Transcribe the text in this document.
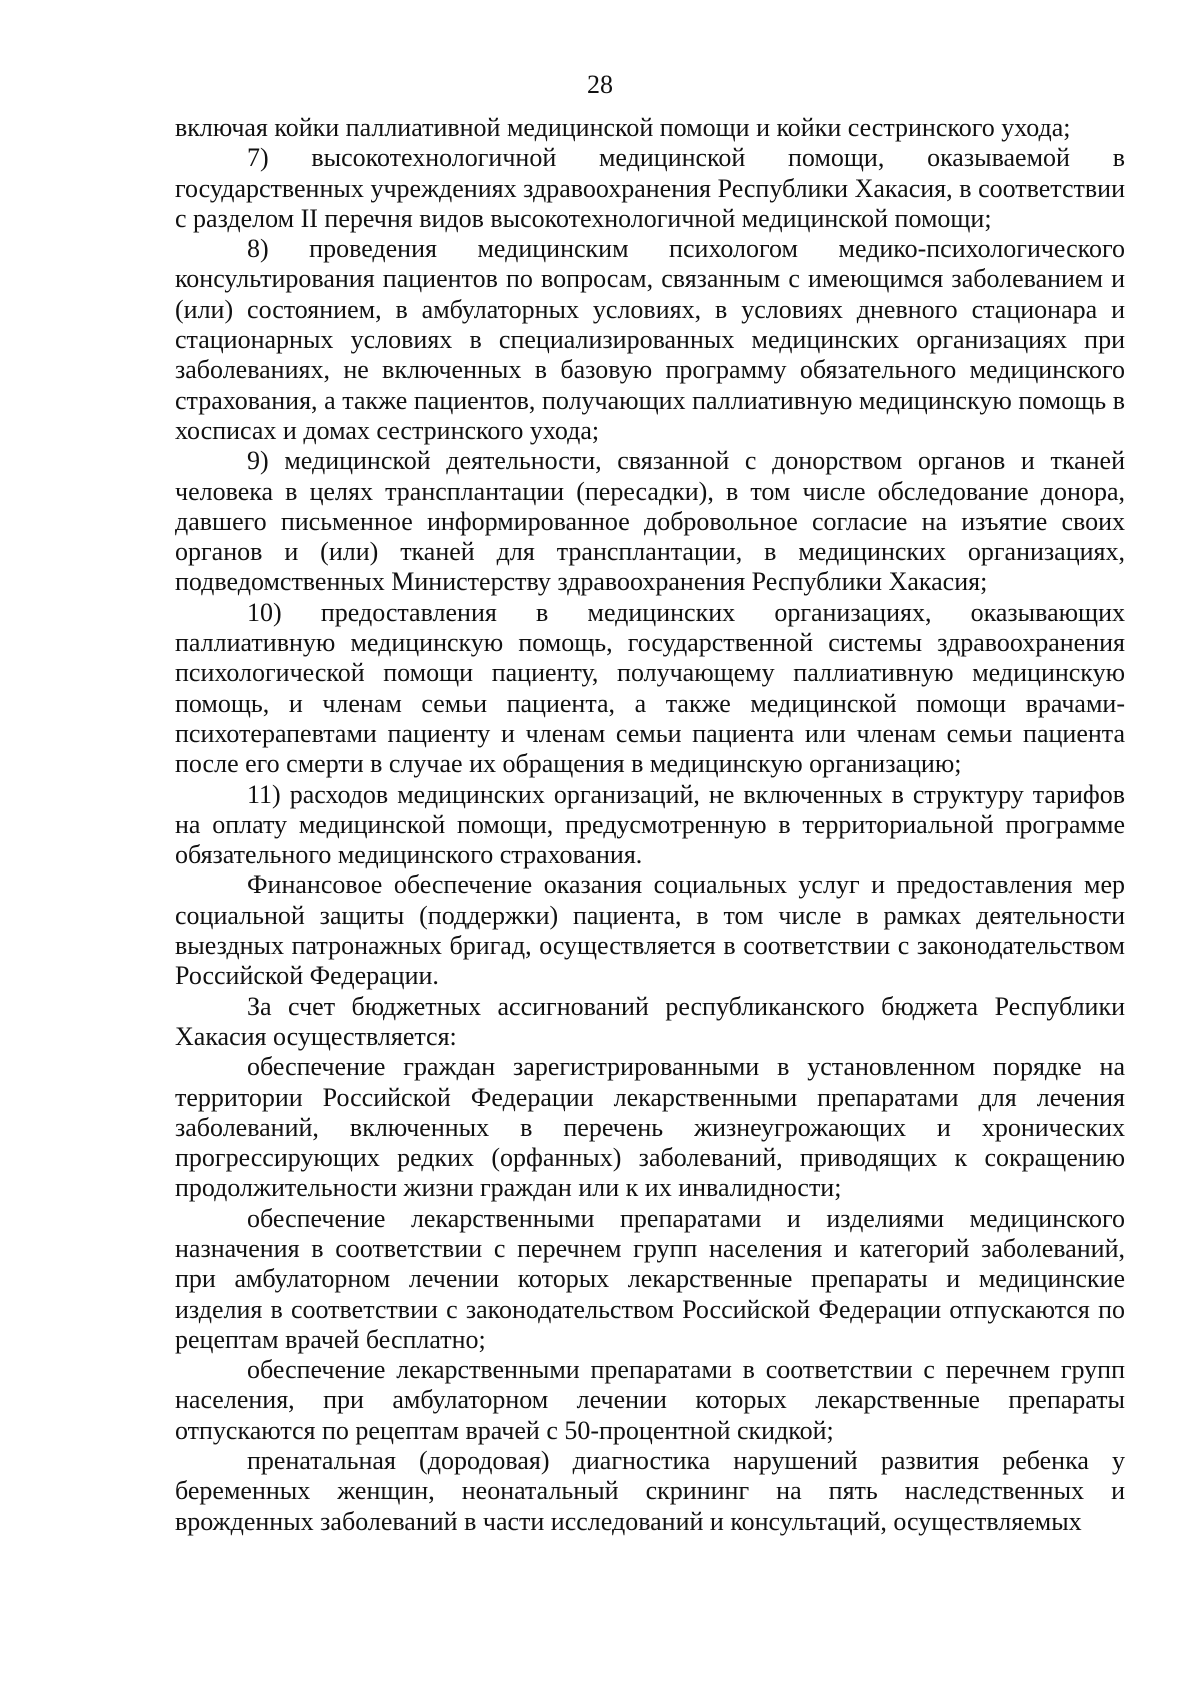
28

включая койки паллиативной медицинской помощи и койки сестринского ухода;

7) высокотехнологичной медицинской помощи, оказываемой в государственных учреждениях здравоохранения Республики Хакасия, в соответствии с разделом II перечня видов высокотехнологичной медицинской помощи;

8) проведения медицинским психологом медико-психологического консультирования пациентов по вопросам, связанным с имеющимся заболеванием и (или) состоянием, в амбулаторных условиях, в условиях дневного стационара и стационарных условиях в специализированных медицинских организациях при заболеваниях, не включенных в базовую программу обязательного медицинского страхования, а также пациентов, получающих паллиативную медицинскую помощь в хосписах и домах сестринского ухода;

9) медицинской деятельности, связанной с донорством органов и тканей человека в целях трансплантации (пересадки), в том числе обследование донора, давшего письменное информированное добровольное согласие на изъятие своих органов и (или) тканей для трансплантации, в медицинских организациях, подведомственных Министерству здравоохранения Республики Хакасия;

10) предоставления в медицинских организациях, оказывающих паллиативную медицинскую помощь, государственной системы здравоохранения психологической помощи пациенту, получающему паллиативную медицинскую помощь, и членам семьи пациента, а также медицинской помощи врачами-психотерапевтами пациенту и членам семьи пациента или членам семьи пациента после его смерти в случае их обращения в медицинскую организацию;

11) расходов медицинских организаций, не включенных в структуру тарифов на оплату медицинской помощи, предусмотренную в территориальной программе обязательного медицинского страхования.

Финансовое обеспечение оказания социальных услуг и предоставления мер социальной защиты (поддержки) пациента, в том числе в рамках деятельности выездных патронажных бригад, осуществляется в соответствии с законодательством Российской Федерации.

За счет бюджетных ассигнований республиканского бюджета Республики Хакасия осуществляется:

обеспечение граждан зарегистрированными в установленном порядке на территории Российской Федерации лекарственными препаратами для лечения заболеваний, включенных в перечень жизнеугрожающих и хронических прогрессирующих редких (орфанных) заболеваний, приводящих к сокращению продолжительности жизни граждан или к их инвалидности;

обеспечение лекарственными препаратами и изделиями медицинского назначения в соответствии с перечнем групп населения и категорий заболеваний, при амбулаторном лечении которых лекарственные препараты и медицинские изделия в соответствии с законодательством Российской Федерации отпускаются по рецептам врачей бесплатно;

обеспечение лекарственными препаратами в соответствии с перечнем групп населения, при амбулаторном лечении которых лекарственные препараты отпускаются по рецептам врачей с 50-процентной скидкой;

пренатальная (дородовая) диагностика нарушений развития ребенка у беременных женщин, неонатальный скрининг на пять наследственных и врожденных заболеваний в части исследований и консультаций, осуществляемых
